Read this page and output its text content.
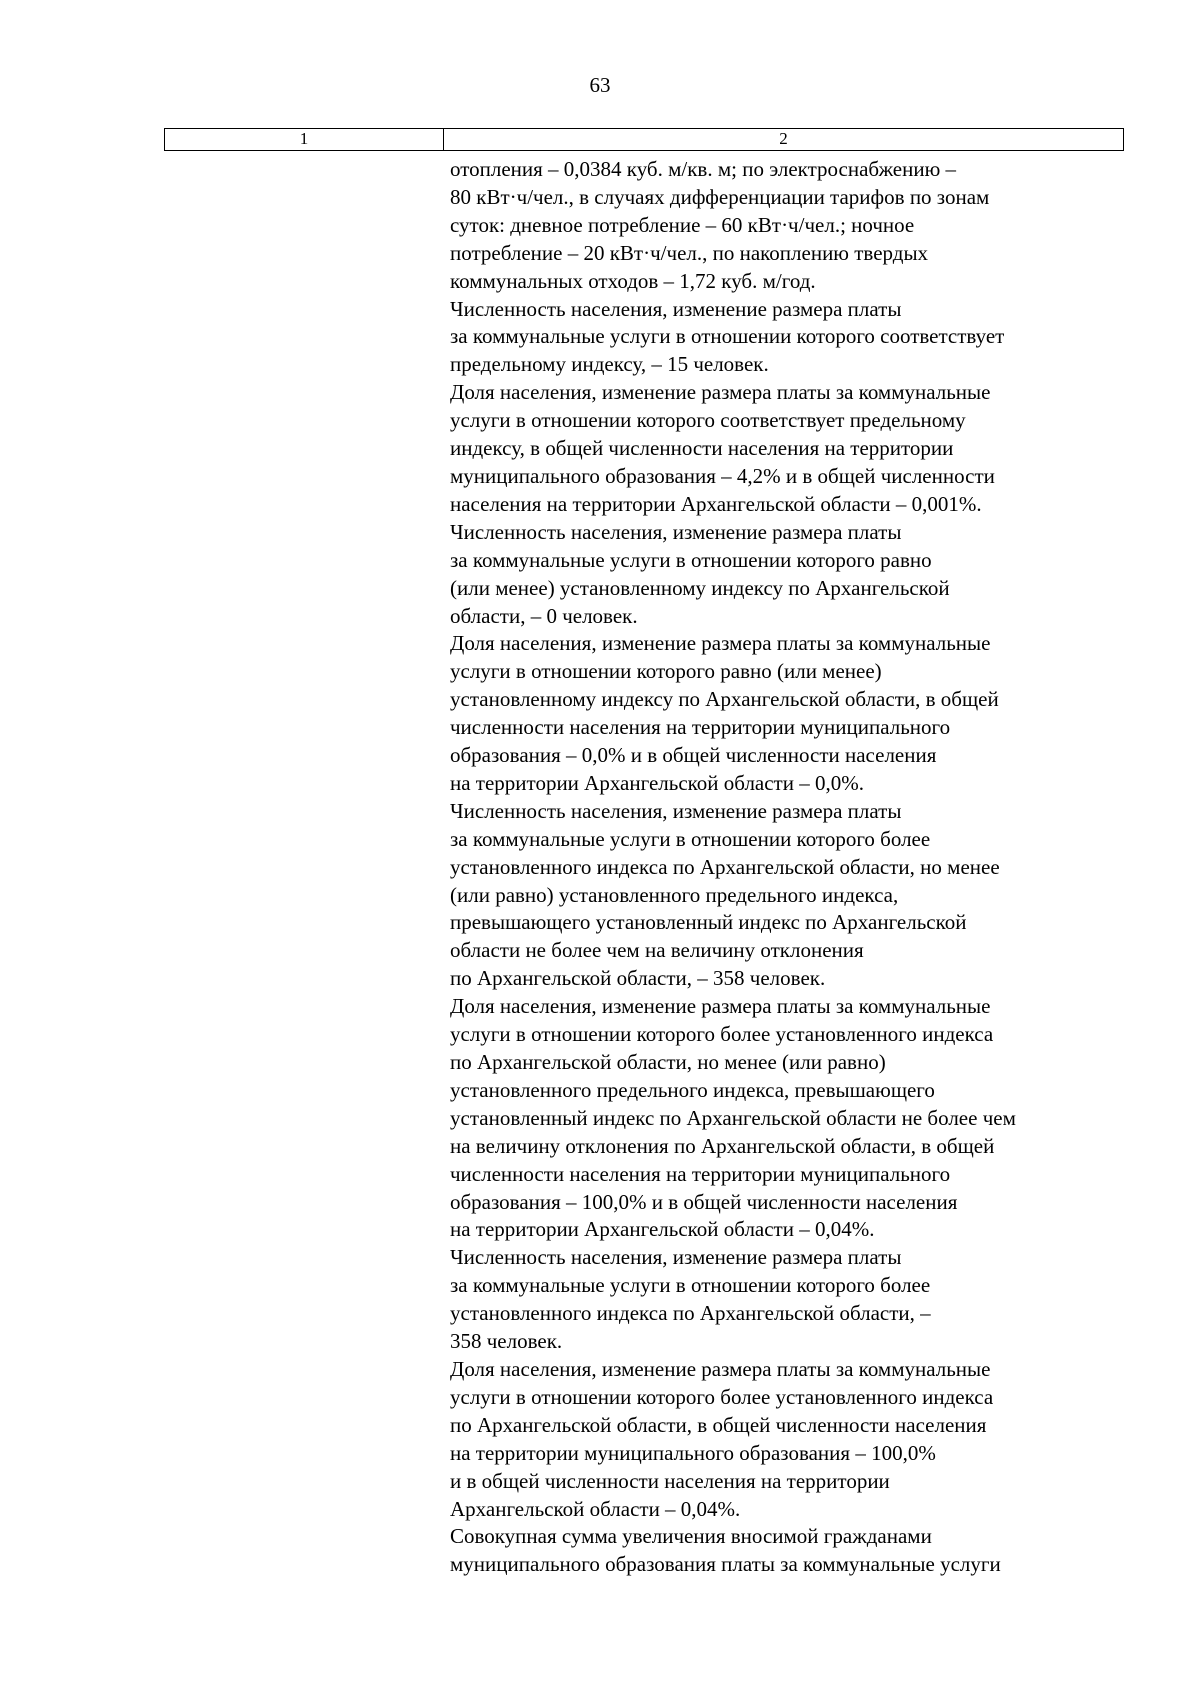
63
1	2
отопления – 0,0384 куб. м/кв. м; по электроснабжению –
80 кВт·ч/чел., в случаях дифференциации тарифов по зонам
суток: дневное потребление – 60 кВт·ч/чел.; ночное
потребление – 20 кВт·ч/чел., по накоплению твердых
коммунальных отходов – 1,72 куб. м/год.
Численность населения, изменение размера платы
за коммунальные услуги в отношении которого соответствует
предельному индексу, – 15 человек.
Доля населения, изменение размера платы за коммунальные
услуги в отношении которого соответствует предельному
индексу, в общей численности населения на территории
муниципального образования – 4,2% и в общей численности
населения на территории Архангельской области – 0,001%.
Численность населения, изменение размера платы
за коммунальные услуги в отношении которого равно
(или менее) установленному индексу по Архангельской
области, – 0 человек.
Доля населения, изменение размера платы за коммунальные
услуги в отношении которого равно (или менее)
установленному индексу по Архангельской области, в общей
численности населения на территории муниципального
образования – 0,0% и в общей численности населения
на территории Архангельской области – 0,0%.
Численность населения, изменение размера платы
за коммунальные услуги в отношении которого более
установленного индекса по Архангельской области, но менее
(или равно) установленного предельного индекса,
превышающего установленный индекс по Архангельской
области не более чем на величину отклонения
по Архангельской области, – 358 человек.
Доля населения, изменение размера платы за коммунальные
услуги в отношении которого более установленного индекса
по Архангельской области, но менее (или равно)
установленного предельного индекса, превышающего
установленный индекс по Архангельской области не более чем
на величину отклонения по Архангельской области, в общей
численности населения на территории муниципального
образования – 100,0% и в общей численности населения
на территории Архангельской области – 0,04%.
Численность населения, изменение размера платы
за коммунальные услуги в отношении которого более
установленного индекса по Архангельской области, –
358 человек.
Доля населения, изменение размера платы за коммунальные
услуги в отношении которого более установленного индекса
по Архангельской области, в общей численности населения
на территории муниципального образования – 100,0%
и в общей численности населения на территории
Архангельской области – 0,04%.
Совокупная сумма увеличения вносимой гражданами
муниципального образования платы за коммунальные услуги
